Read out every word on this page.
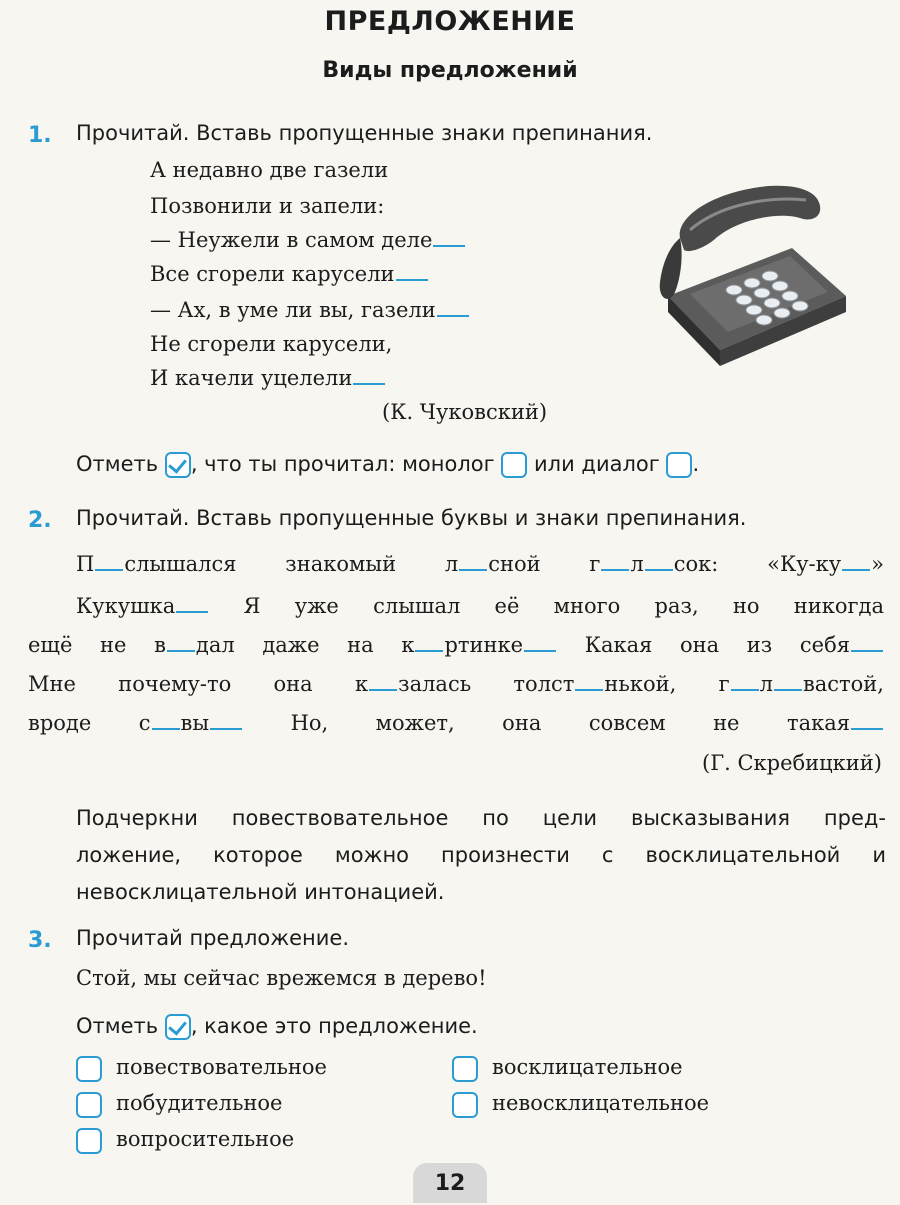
ПРЕДЛОЖЕНИЕ
Виды предложений
1. Прочитай. Вставь пропущенные знаки препинания.
А недавно две газели
Позвонили и запели:
— Неужели в самом деле
Все сгорели карусели
— Ах, в уме ли вы, газели
Не сгорели карусели,
И качели уцелели
(К. Чуковский)
Отметь , что ты прочитал: монолог или диалог .
2. Прочитай. Вставь пропущенные буквы и знаки препинания.
П слышался знакомый л сной г л сок: «Ку-ку »
Кукушка	Я уже слышал её много раз, но никогда
ещё не в дал даже на к ртинке	Какая она из себя
Мне почему-то она к залась толст нькой, г л вастой,
вроде с вы	Но, может, она совсем не такая
(Г. Скребицкий)
Подчеркни повествовательное по цели высказывания пред-
ложение, которое можно произнести с восклицательной и
невосклицательной интонацией.
3. Прочитай предложение.
Стой, мы сейчас врежемся в дерево!
Отметь , какое это предложение.
повествовательное
побудительное
вопросительное
восклицательное
невосклицательное
12
